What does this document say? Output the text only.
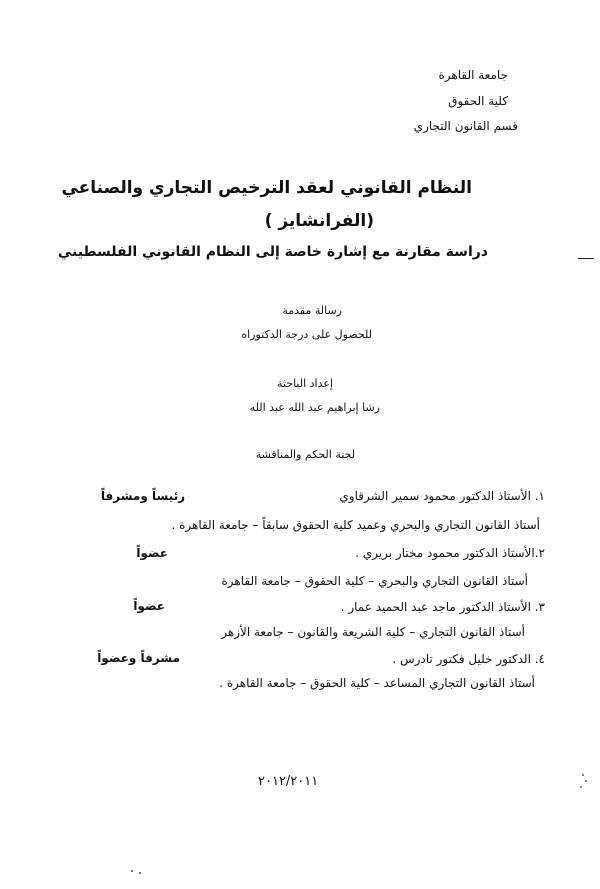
جامعة القاهرة
كلية الحقوق
قسم القانون التجاري
النظام القانوني لعقد الترخيص التجاري والصناعي
(الفرانشايز )
دراسة مقارنة مع إشارة خاصة إلى النظام القانوني الفلسطيني
رسالة مقدمة
للحصول على درجة الدكتوراه
إعداد الباحثة
رشا إبراهيم عبد الله عبد الله
لجنة الحكم والمناقشة
١. الأستاذ الدكتور محمود سمير الشرقاوي
رئيساً ومشرفاً
أستاذ القانون التجاري والبحري وعميد كلية الحقوق سابقاً – جامعة القاهرة .
٢.الأستاذ الدكتور محمود مختار بريري .
عضواً
أستاذ القانون التجاري والبحري – كلية الحقوق – جامعة القاهرة
٣. الأستاذ الدكتور ماجد عبد الحميد عمار .
عضواً
أستاذ القانون التجاري – كلية الشريعة والقانون – جامعة الأزهر
٤. الدكتور خليل فكتور تادرس .
مشرفاً وعضواً
أستاذ القانون التجاري المساعد – كلية الحقوق – جامعة القاهرة .
٢٠١٢/٢٠١١
